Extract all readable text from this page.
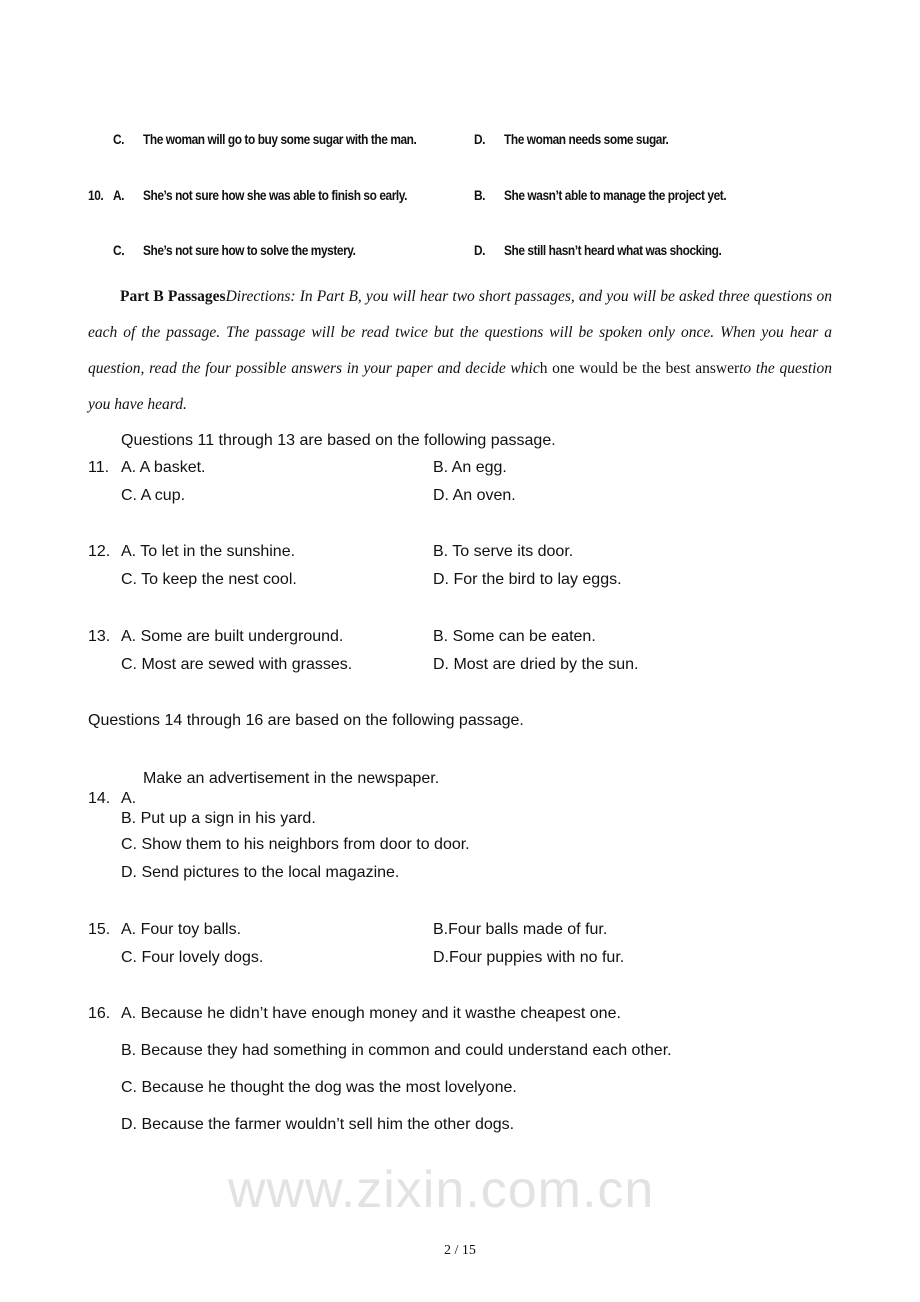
www.zixin.com.cn
C. The woman will go to buy some sugar with the man.	D. The woman needs some sugar.
10. A. She’s not sure how she was able to finish so early.	B. She wasn’t able to manage the project yet.
C． She’s not sure how to solve the mystery.	D. She still hasn’t heard what was shocking.
Part B PassagesDirections: In Part B, you will hear two short passages, and you will be asked three questions on each of the passage. The passage will be read twice but the questions will be spoken only once. When you hear a question, read the four possible answers in your paper and decide which one would be the best answerto the question you have heard.
Questions 11 through 13 are based on the following passage.
11. A. A basket.	B. An egg.
C. A cup.	D. An oven.
12. A. To let in the sunshine.	B. To serve its door.
C. To keep the nest cool.	D. For the bird to lay eggs.
13. A. Some are built underground.	B. Some can be eaten.
C. Most are sewed with grasses.	D. Most are dried by the sun.
Questions 14 through 16 are based on the following passage.
Make an advertisement in the newspaper.
14. A.
B. Put up a sign in his yard.
C. Show them to his neighbors from door to door.
D. Send pictures to the local magazine.
15. A. Four toy balls.	B.Four balls made of fur.
C. Four lovely dogs.	D.Four puppies with no fur.
16. A. Because he didn’t have enough money and it wasthe cheapest one.
B. Because they had something in common and could understand each other.
C. Because he thought the dog was the most lovelyone.
D. Because the farmer wouldn’t sell him the other dogs.
2 / 15
